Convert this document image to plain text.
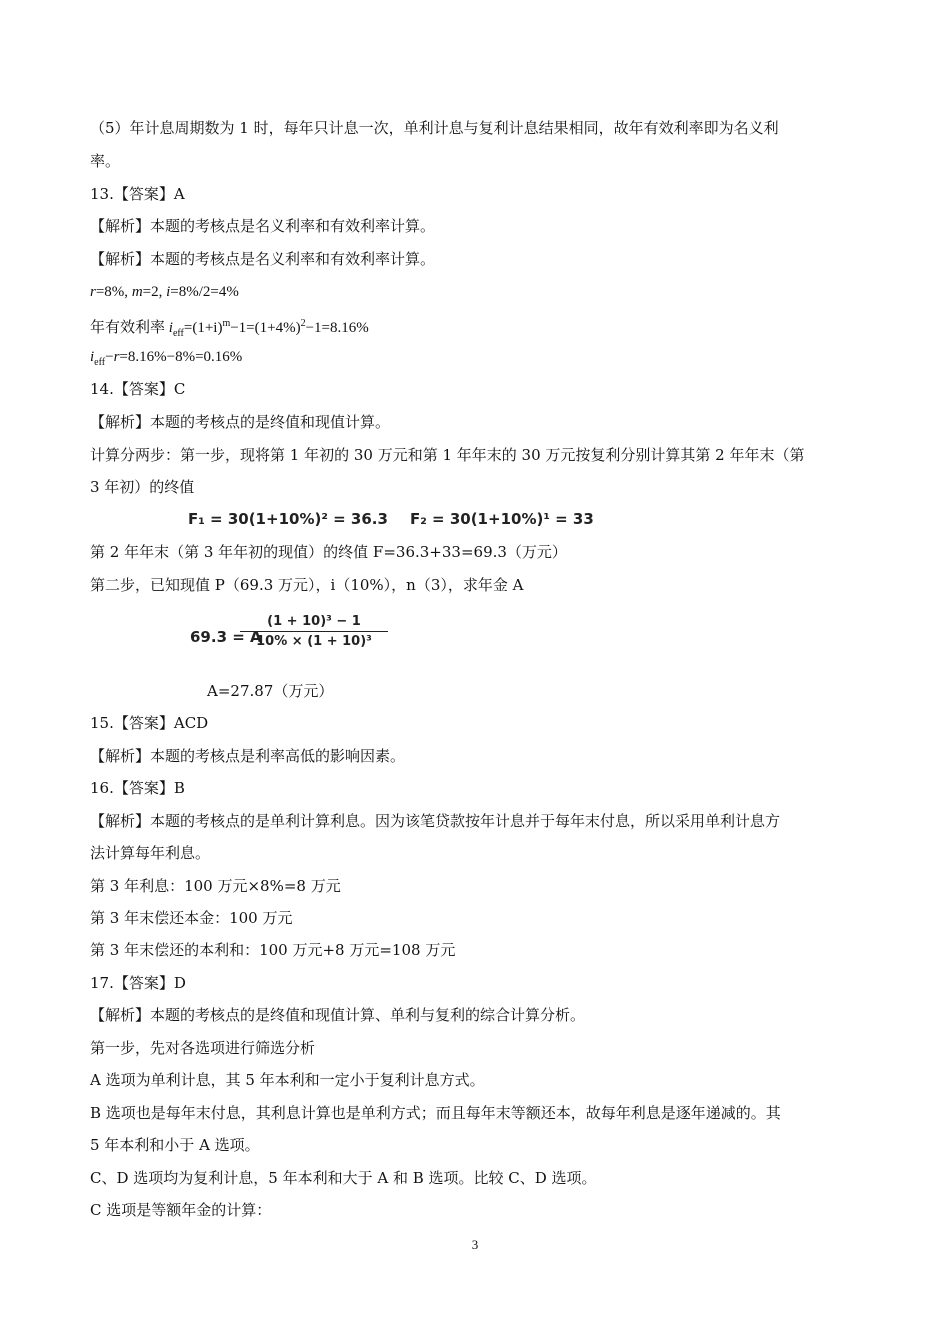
（5）年计息周期数为 1 时，每年只计息一次，单利计息与复利计息结果相同，故年有效利率即为名义利
率。
13.【答案】A
【解析】本题的考核点是名义利率和有效利率计算。
【解析】本题的考核点是名义利率和有效利率计算。
r=8%, m=2, i=8%/2=4%
年有效利率 $i_{eff}=(1+i)^m-1=(1+4\%)^2-1=8.16\%$
$i_{eff}-r=8.16\%-8\%=0.16\%$
14.【答案】C
【解析】本题的考核点的是终值和现值计算。
计算分两步：第一步，现将第 1 年初的 30 万元和第 1 年年末的 30 万元按复利分别计算其第 2 年年末（第
3 年初）的终值
F₁ = 30(1+10%)² = 36.3 F₂ = 30(1+10%)¹ = 33
第 2 年年末（第 3 年年初的现值）的终值 F=36.3+33=69.3（万元）
第二步，已知现值 P（69.3 万元），i（10%），n（3），求年金 A
69.3 = A
$\frac{\text{(1 + 10)³ − 1}}{\text{10\% × (1 + 10)³}}$
A=27.87（万元）
15.【答案】ACD
【解析】本题的考核点是利率高低的影响因素。
16.【答案】B
【解析】本题的考核点的是单利计算利息。因为该笔贷款按年计息并于每年末付息，所以采用单利计息方
法计算每年利息。
第 3 年利息：100 万元×8%=8 万元
第 3 年末偿还本金：100 万元
第 3 年末偿还的本利和：100 万元+8 万元=108 万元
17.【答案】D
【解析】本题的考核点的是终值和现值计算、单利与复利的综合计算分析。
第一步，先对各选项进行筛选分析
A 选项为单利计息，其 5 年本利和一定小于复利计息方式。
B 选项也是每年末付息，其利息计算也是单利方式；而且每年末等额还本，故每年利息是逐年递减的。其
5 年本利和小于 A 选项。
C、D 选项均为复利计息，5 年本利和大于 A 和 B 选项。比较 C、D 选项。
C 选项是等额年金的计算：
3
